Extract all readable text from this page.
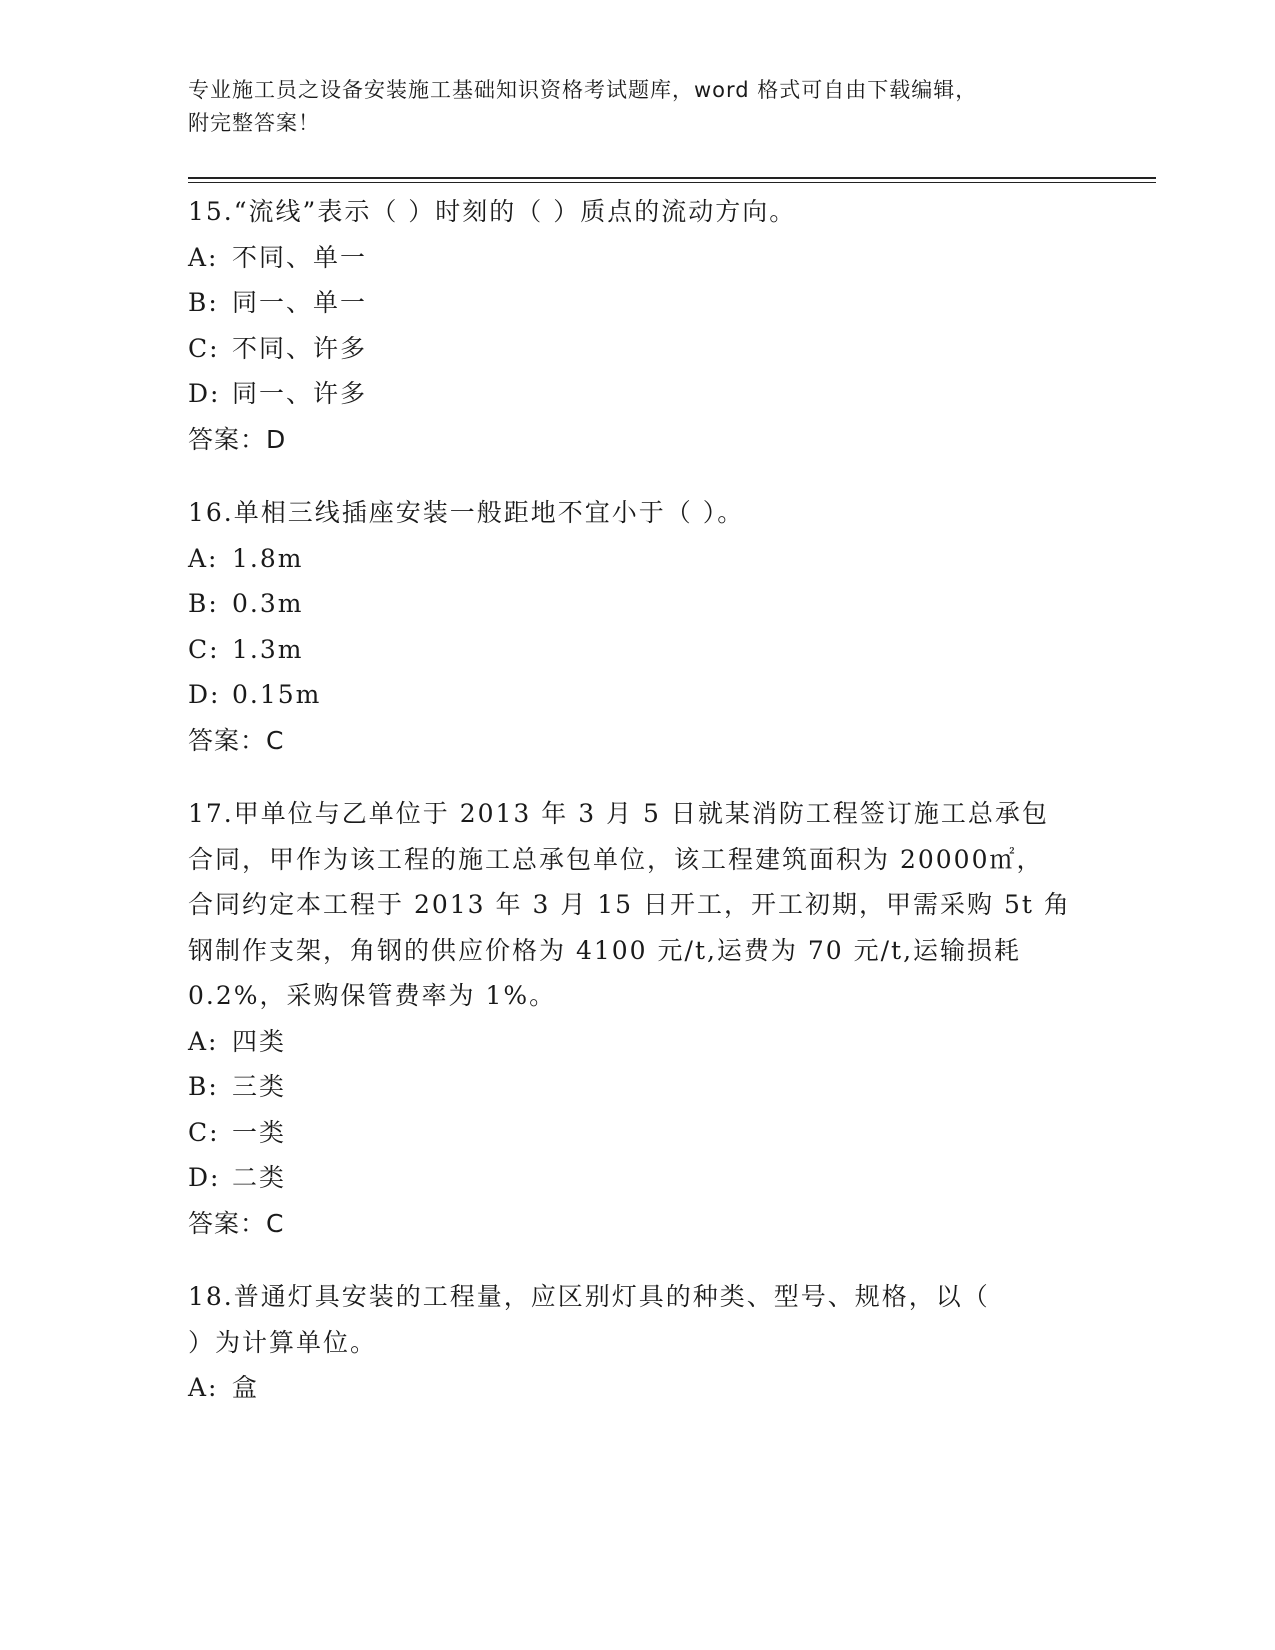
专业施工员之设备安装施工基础知识资格考试题库，word 格式可自由下载编辑，
附完整答案！

15.“流线”表示（ ）时刻的（ ）质点的流动方向。

A: 不同、单一

B: 同一、单一

C: 不同、许多

D: 同一、许多

答案：D

16.单相三线插座安装一般距地不宜小于（ ）。

A: 1.8m

B: 0.3m

C: 1.3m

D: 0.15m

答案：C

17.甲单位与乙单位于 2013 年 3 月 5 日就某消防工程签订施工总承包
合同，甲作为该工程的施工总承包单位，该工程建筑面积为 20000㎡，
合同约定本工程于 2013 年 3 月 15 日开工，开工初期，甲需采购 5t 角
钢制作支架，角钢的供应价格为 4100 元/t,运费为 70 元/t,运输损耗
0.2%，采购保管费率为 1%。

A: 四类

B: 三类

C: 一类

D: 二类

答案：C

18.普通灯具安装的工程量，应区别灯具的种类、型号、规格，以（
）为计算单位。

A: 盒
